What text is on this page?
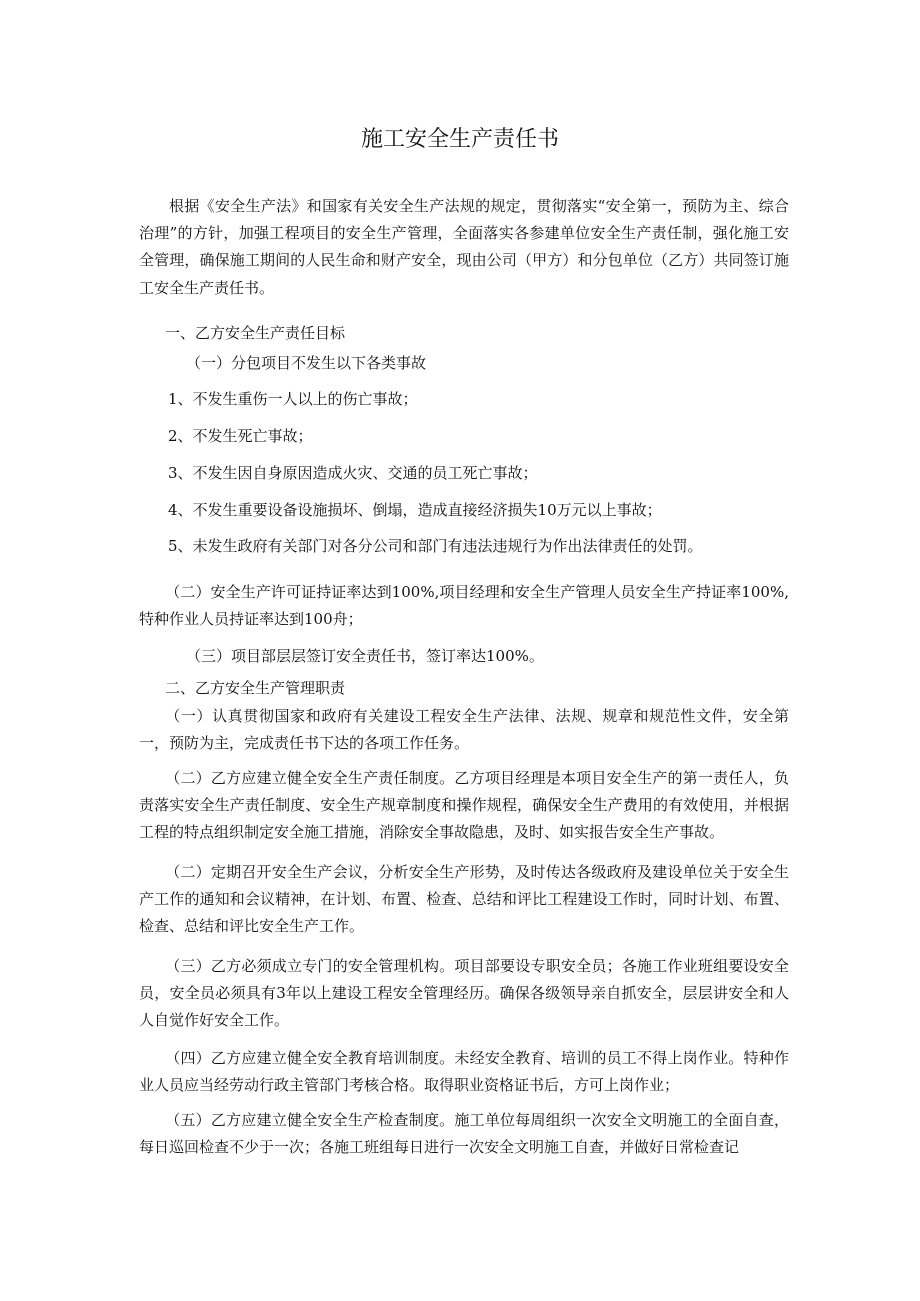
施工安全生产责任书
根据《安全生产法》和国家有关安全生产法规的规定，贯彻落实“安全第一，预防为主、综合治理”的方针，加强工程项目的安全生产管理，全面落实各参建单位安全生产责任制，强化施工安全管理，确保施工期间的人民生命和财产安全，现由公司（甲方）和分包单位（乙方）共同签订施工安全生产责任书。
一、乙方安全生产责任目标
（一）分包项目不发生以下各类事故
1、不发生重伤一人以上的伤亡事故；
2、不发生死亡事故；
3、不发生因自身原因造成火灾、交通的员工死亡事故；
4、不发生重要设备设施损坏、倒塌，造成直接经济损失10万元以上事故；
5、未发生政府有关部门对各分公司和部门有违法违规行为作出法律责任的处罚。
（二）安全生产许可证持证率达到100%,项目经理和安全生产管理人员安全生产持证率100%,特种作业人员持证率达到100舟；
（三）项目部层层签订安全责任书，签订率达100%。
二、乙方安全生产管理职责
（一）认真贯彻国家和政府有关建设工程安全生产法律、法规、规章和规范性文件，安全第一，预防为主，完成责任书下达的各项工作任务。
（二）乙方应建立健全安全生产责任制度。乙方项目经理是本项目安全生产的第一责任人，负责落实安全生产责任制度、安全生产规章制度和操作规程，确保安全生产费用的有效使用，并根据工程的特点组织制定安全施工措施，消除安全事故隐患，及时、如实报告安全生产事故。
（二）定期召开安全生产会议，分析安全生产形势，及时传达各级政府及建设单位关于安全生产工作的通知和会议精神，在计划、布置、检查、总结和评比工程建设工作时，同时计划、布置、检查、总结和评比安全生产工作。
（三）乙方必须成立专门的安全管理机构。项目部要设专职安全员；各施工作业班组要设安全员，安全员必须具有3年以上建设工程安全管理经历。确保各级领导亲自抓安全，层层讲安全和人人自觉作好安全工作。
（四）乙方应建立健全安全教育培训制度。未经安全教育、培训的员工不得上岗作业。特种作业人员应当经劳动行政主管部门考核合格。取得职业资格证书后，方可上岗作业；
（五）乙方应建立健全安全生产检查制度。施工单位每周组织一次安全文明施工的全面自查，每日巡回检查不少于一次；各施工班组每日进行一次安全文明施工自查，并做好日常检查记
